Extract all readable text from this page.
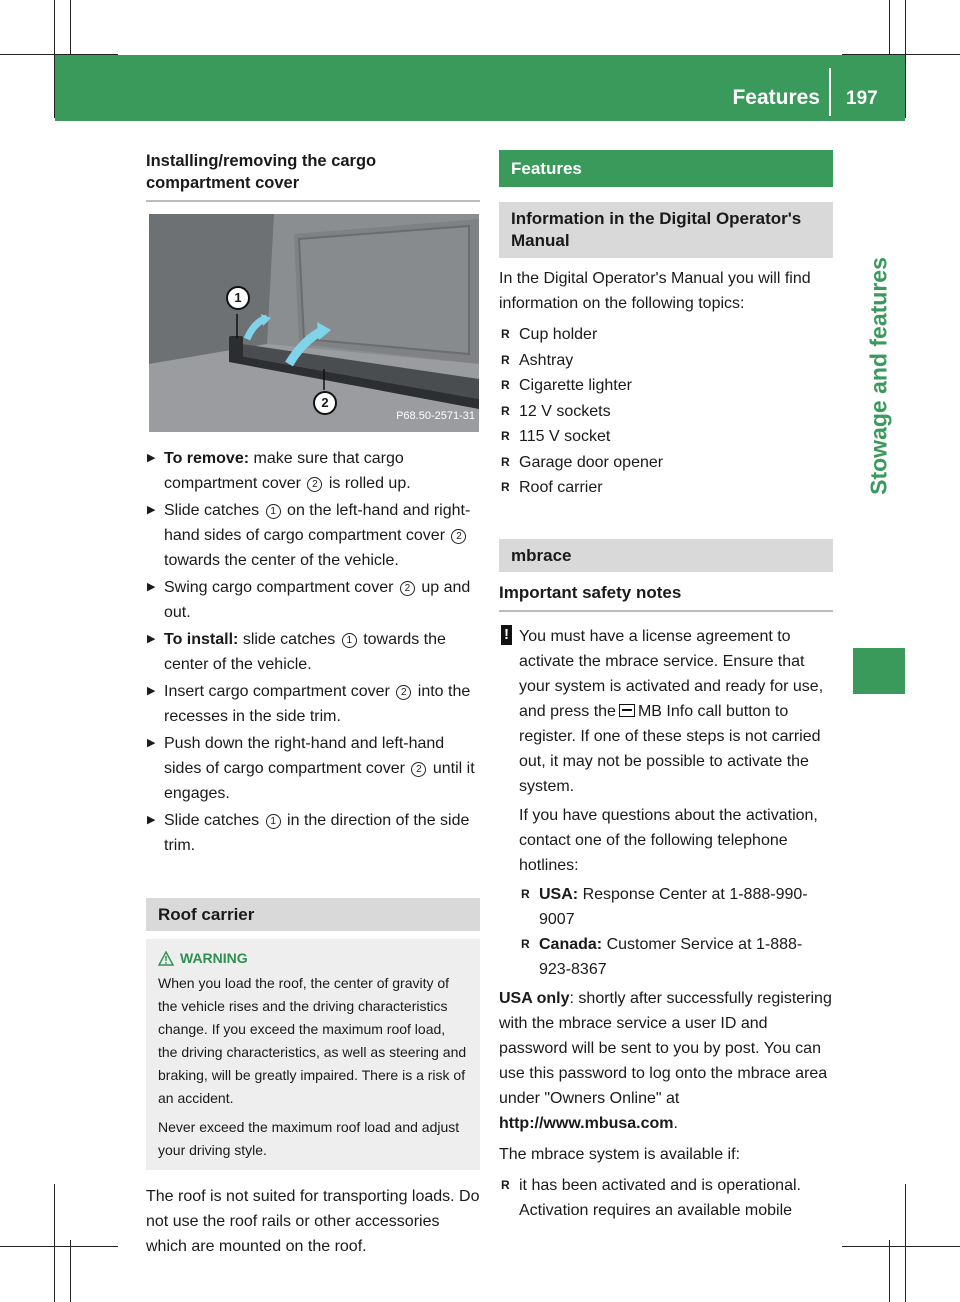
Features 197
Stowage and features
Installing/removing the cargo compartment cover
1
2
P68.50-2571-31
▶ To remove: make sure that cargo compartment cover 2 is rolled up.
▶ Slide catches 1 on the left-hand and right-hand sides of cargo compartment cover 2 towards the center of the vehicle.
▶ Swing cargo compartment cover 2 up and out.
▶ To install: slide catches 1 towards the center of the vehicle.
▶ Insert cargo compartment cover 2 into the recesses in the side trim.
▶ Push down the right-hand and left-hand sides of cargo compartment cover 2 until it engages.
▶ Slide catches 1 in the direction of the side trim.
Roof carrier
WARNING

When you load the roof, the center of gravity of the vehicle rises and the driving characteristics change. If you exceed the maximum roof load, the driving characteristics, as well as steering and braking, will be greatly impaired. There is a risk of an accident.

Never exceed the maximum roof load and adjust your driving style.

The roof is not suited for transporting loads. Do not use the roof rails or other accessories which are mounted on the roof.

Features
Information in the Digital Operator's Manual

In the Digital Operator's Manual you will find information on the following topics:

R Cup holder
R Ashtray
R Cigarette lighter
R 12 V sockets
R 115 V socket
R Garage door opener
R Roof carrier
mbrace
Important safety notes
! You must have a license agreement to activate the mbrace service. Ensure that your system is activated and ready for use, and press the MB Info call button to register. If one of these steps is not carried out, it may not be possible to activate the system.

If you have questions about the activation, contact one of the following telephone hotlines:

R USA: Response Center at 1-888-990-9007
R Canada: Customer Service at 1-888-923-8367

USA only: shortly after successfully registering with the mbrace service a user ID and password will be sent to you by post. You can use this password to log onto the mbrace area under "Owners Online" at http://www.mbusa.com.

The mbrace system is available if:

R it has been activated and is operational. Activation requires an available mobile
